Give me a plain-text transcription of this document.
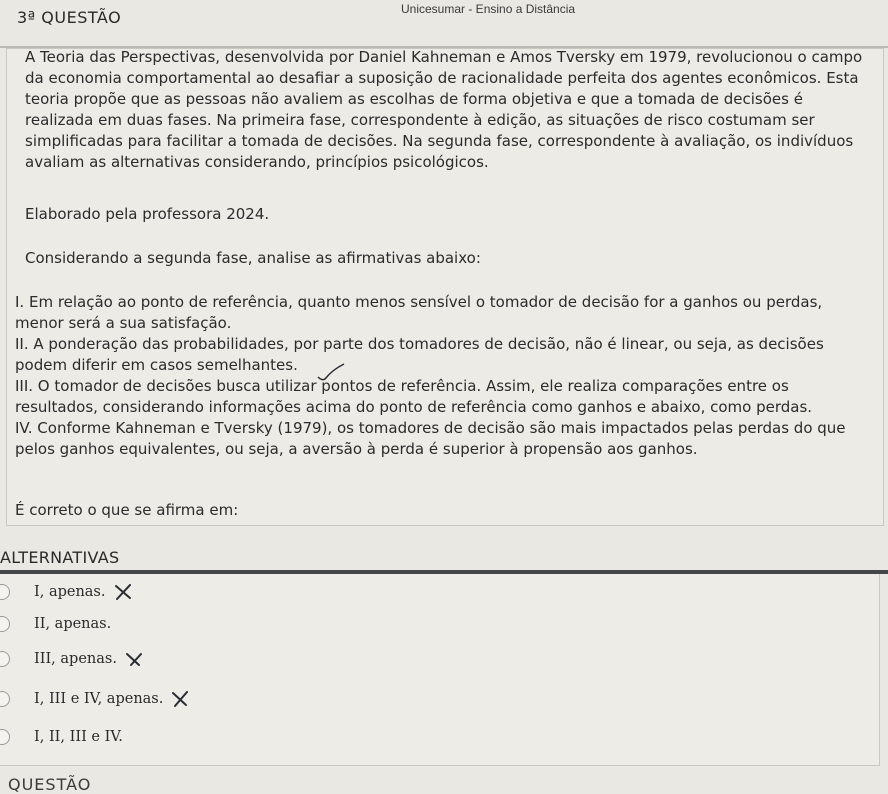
Unicesumar - Ensino a Distância
3ª QUESTÃO
A Teoria das Perspectivas, desenvolvida por Daniel Kahneman e Amos Tversky em 1979, revolucionou o campo da economia comportamental ao desafiar a suposição de racionalidade perfeita dos agentes econômicos. Esta teoria propõe que as pessoas não avaliem as escolhas de forma objetiva e que a tomada de decisões é realizada em duas fases. Na primeira fase, correspondente à edição, as situações de risco costumam ser simplificadas para facilitar a tomada de decisões. Na segunda fase, correspondente à avaliação, os indivíduos avaliam as alternativas considerando, princípios psicológicos.
Elaborado pela professora 2024.
Considerando a segunda fase, analise as afirmativas abaixo:
I. Em relação ao ponto de referência, quanto menos sensível o tomador de decisão for a ganhos ou perdas, menor será a sua satisfação.
II. A ponderação das probabilidades, por parte dos tomadores de decisão, não é linear, ou seja, as decisões podem diferir em casos semelhantes.
III. O tomador de decisões busca utilizar pontos de referência. Assim, ele realiza comparações entre os resultados, considerando informações acima do ponto de referência como ganhos e abaixo, como perdas.
IV. Conforme Kahneman e Tversky (1979), os tomadores de decisão são mais impactados pelas perdas do que pelos ganhos equivalentes, ou seja, a aversão à perda é superior à propensão aos ganhos.
É correto o que se afirma em:
ALTERNATIVAS
I, apenas.
II, apenas.
III, apenas.
I, III e IV, apenas.
I, II, III e IV.
QUESTÃO
